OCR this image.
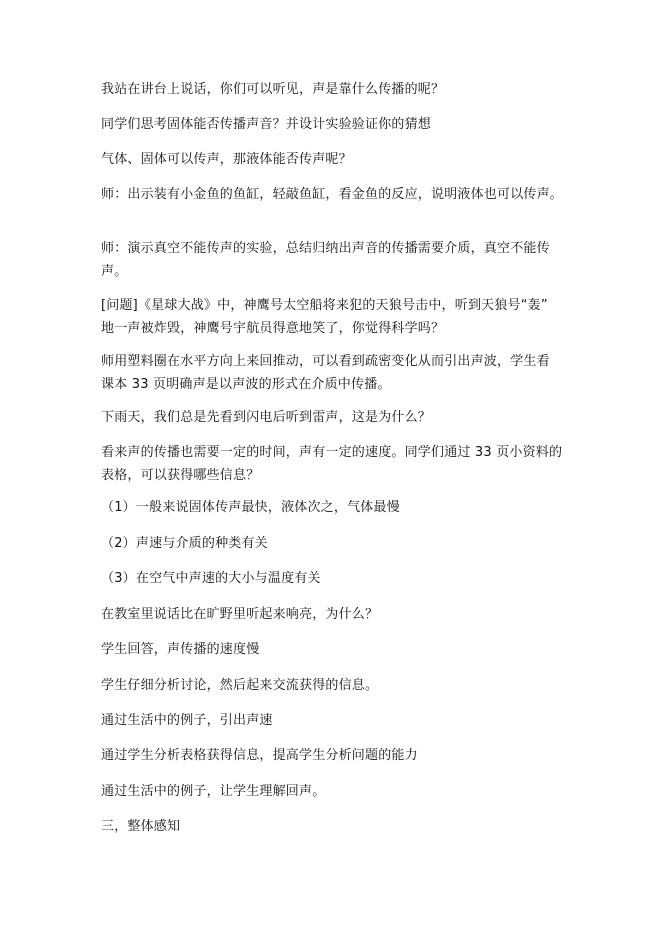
我站在讲台上说话，你们可以听见，声是靠什么传播的呢？

同学们思考固体能否传播声音？并设计实验验证你的猜想

气体、固体可以传声，那液体能否传声呢？

师：出示装有小金鱼的鱼缸，轻敲鱼缸，看金鱼的反应，说明液体也可以传声。

师：演示真空不能传声的实验，总结归纳出声音的传播需要介质，真空不能传
声。

[问题]《星球大战》中，神鹰号太空船将来犯的天狼号击中，听到天狼号“轰”
地一声被炸毁，神鹰号宇航员得意地笑了，你觉得科学吗？

师用塑料圈在水平方向上来回推动，可以看到疏密变化从而引出声波，学生看
课本 33 页明确声是以声波的形式在介质中传播。

下雨天，我们总是先看到闪电后听到雷声，这是为什么？

看来声的传播也需要一定的时间，声有一定的速度。同学们通过 33 页小资料的
表格，可以获得哪些信息？

（1）一般来说固体传声最快，液体次之，气体最慢

（2）声速与介质的种类有关

（3）在空气中声速的大小与温度有关

在教室里说话比在旷野里听起来响亮，为什么？

学生回答，声传播的速度慢

学生仔细分析讨论，然后起来交流获得的信息。

通过生活中的例子，引出声速

通过学生分析表格获得信息，提高学生分析问题的能力

通过生活中的例子，让学生理解回声。

三，整体感知
